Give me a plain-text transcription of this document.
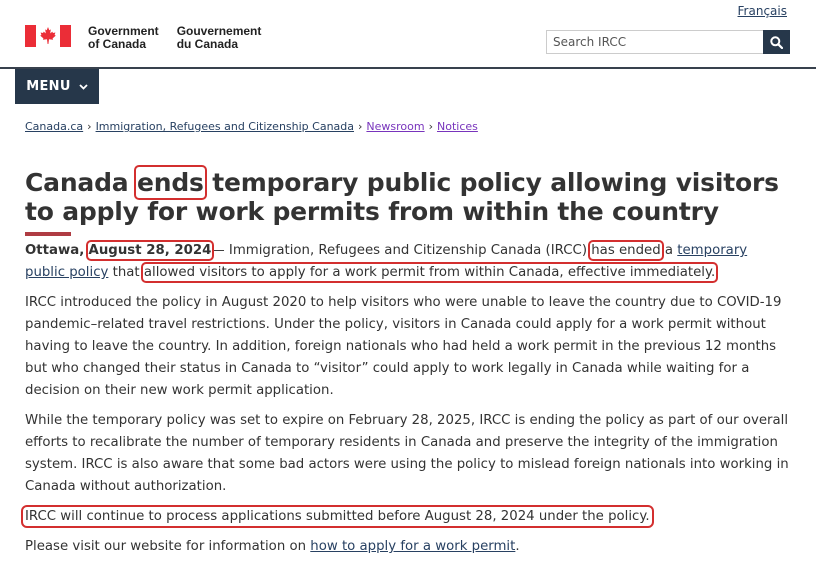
Français
Government
of Canada
Gouvernement
du Canada
Search IRCC
MENU
Canada.ca › Immigration, Refugees and Citizenship Canada › Newsroom › Notices
Canada ends temporary public policy allowing visitors to apply for work permits from within the country

Ottawa, August 28, 2024— Immigration, Refugees and Citizenship Canada (IRCC) has ended a temporary public policy that allowed visitors to apply for a work permit from within Canada, effective immediately.

IRCC introduced the policy in August 2020 to help visitors who were unable to leave the country due to COVID-19 pandemic–related travel restrictions. Under the policy, visitors in Canada could apply for a work permit without having to leave the country. In addition, foreign nationals who had held a work permit in the previous 12 months but who changed their status in Canada to “visitor” could apply to work legally in Canada while waiting for a decision on their new work permit application.

While the temporary policy was set to expire on February 28, 2025, IRCC is ending the policy as part of our overall efforts to recalibrate the number of temporary residents in Canada and preserve the integrity of the immigration system. IRCC is also aware that some bad actors were using the policy to mislead foreign nationals into working in Canada without authorization.

IRCC will continue to process applications submitted before August 28, 2024 under the policy.

Please visit our website for information on how to apply for a work permit.
